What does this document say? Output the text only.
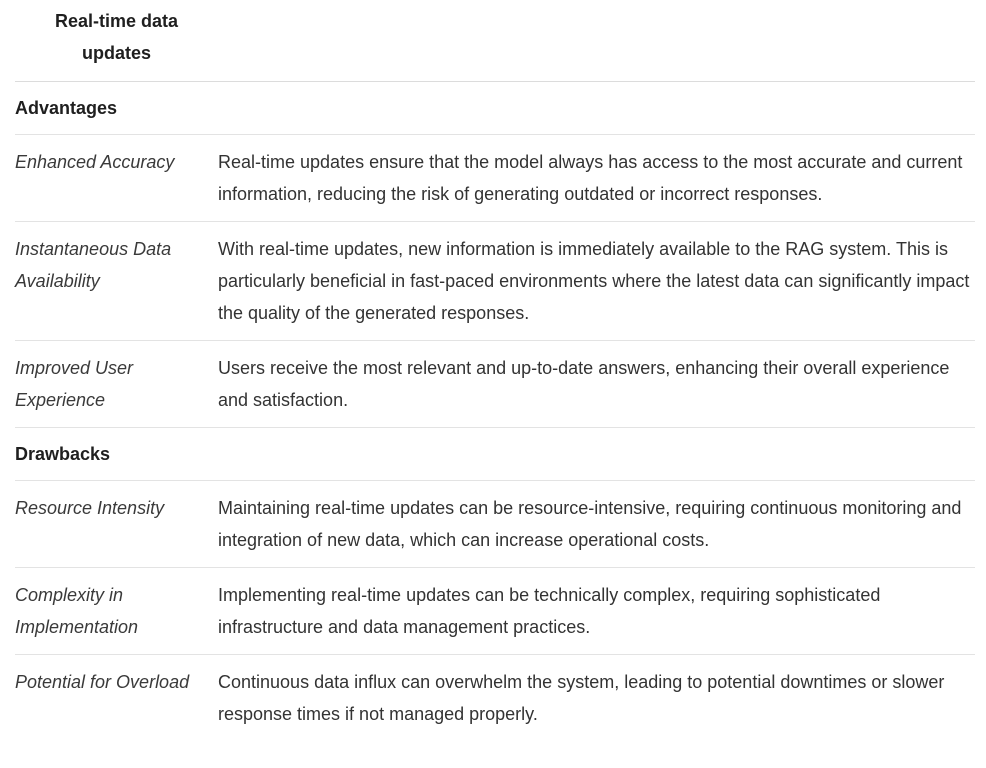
Real-time data
updates	
Advantages	
Enhanced Accuracy	Real-time updates ensure that the model always has access to the most accurate and current information, reducing the risk of generating outdated or incorrect responses.
Instantaneous Data Availability	With real-time updates, new information is immediately available to the RAG system. This is particularly beneficial in fast-paced environments where the latest data can significantly impact the quality of the generated responses.
Improved User Experience	Users receive the most relevant and up-to-date answers, enhancing their overall experience and satisfaction.
Drawbacks	
Resource Intensity	Maintaining real-time updates can be resource-intensive, requiring continuous monitoring and integration of new data, which can increase operational costs.
Complexity in Implementation	Implementing real-time updates can be technically complex, requiring sophisticated infrastructure and data management practices.
Potential for Overload	Continuous data influx can overwhelm the system, leading to potential downtimes or slower response times if not managed properly.
